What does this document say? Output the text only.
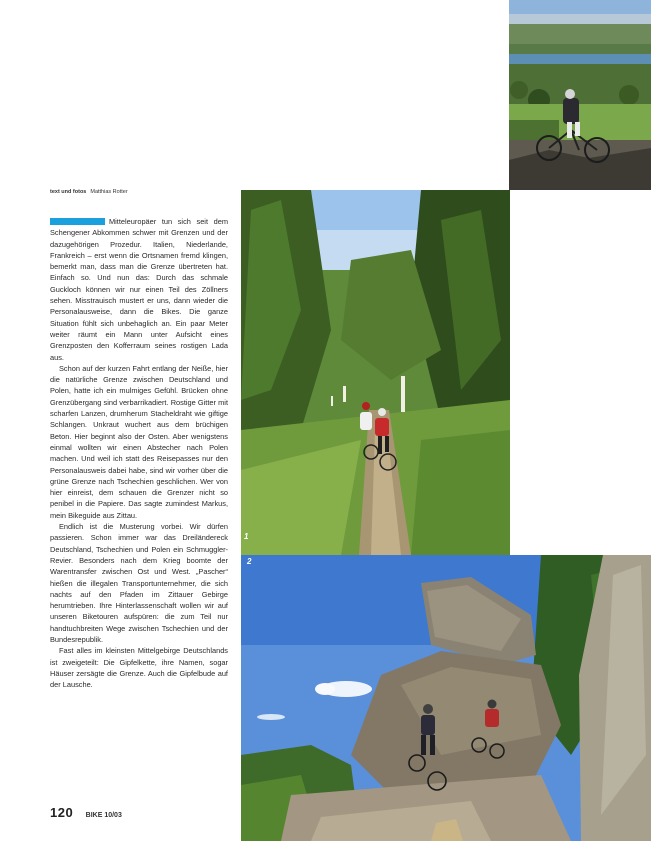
text und fotos Matthias Rotter
1
2

Mitteleuropäer tun sich seit dem Schengener Abkommen schwer mit Grenzen und der dazugehörigen Prozedur. Italien, Niederlande, Frankreich – erst wenn die Ortsnamen fremd klingen, bemerkt man, dass man die Grenze übertreten hat. Einfach so. Und nun das: Durch das schmale Guckloch können wir nur einen Teil des Zöllners sehen. Misstrauisch mustert er uns, dann wieder die Personalausweise, dann die Bikes. Die ganze Situation fühlt sich unbehaglich an. Ein paar Meter weiter räumt ein Mann unter Aufsicht eines Grenzposten den Kofferraum seines rostigen Lada aus.

Schon auf der kurzen Fahrt entlang der Neiße, hier die natürliche Grenze zwischen Deutschland und Polen, hatte ich ein mulmiges Gefühl. Brücken ohne Grenzübergang sind verbarrikadiert. Rostige Gitter mit scharfen Lanzen, drumherum Stacheldraht wie giftige Schlangen. Unkraut wuchert aus dem brüchigen Beton. Hier beginnt also der Osten. Aber wenigstens einmal wollten wir einen Abstecher nach Polen machen. Und weil ich statt des Reisepasses nur den Personalausweis dabei habe, sind wir vorher über die grüne Grenze nach Tschechien geschlichen. Wer von hier einreist, dem schauen die Grenzer nicht so penibel in die Papiere. Das sagte zumindest Markus, mein Bikeguide aus Zittau.

Endlich ist die Musterung vorbei. Wir dürfen passieren. Schon immer war das Dreiländereck Deutschland, Tschechien und Polen ein Schmuggler-Revier. Besonders nach dem Krieg boomte der Warentransfer zwischen Ost und West. „Pascher“ hießen die illegalen Transportunternehmer, die sich nachts auf den Pfaden im Zittauer Gebirge herumtrieben. Ihre Hinterlassenschaft wollen wir auf unseren Biketouren aufspüren: die zum Teil nur handtuchbreiten Wege zwischen Tschechien und der Bundesrepublik.

Fast alles im kleinsten Mittelgebirge Deutschlands ist zweigeteilt: Die Gipfelkette, ihre Namen, sogar Häuser zersägte die Grenze. Auch die Gipfelbude auf der Lausche.

120 BIKE 10/03
